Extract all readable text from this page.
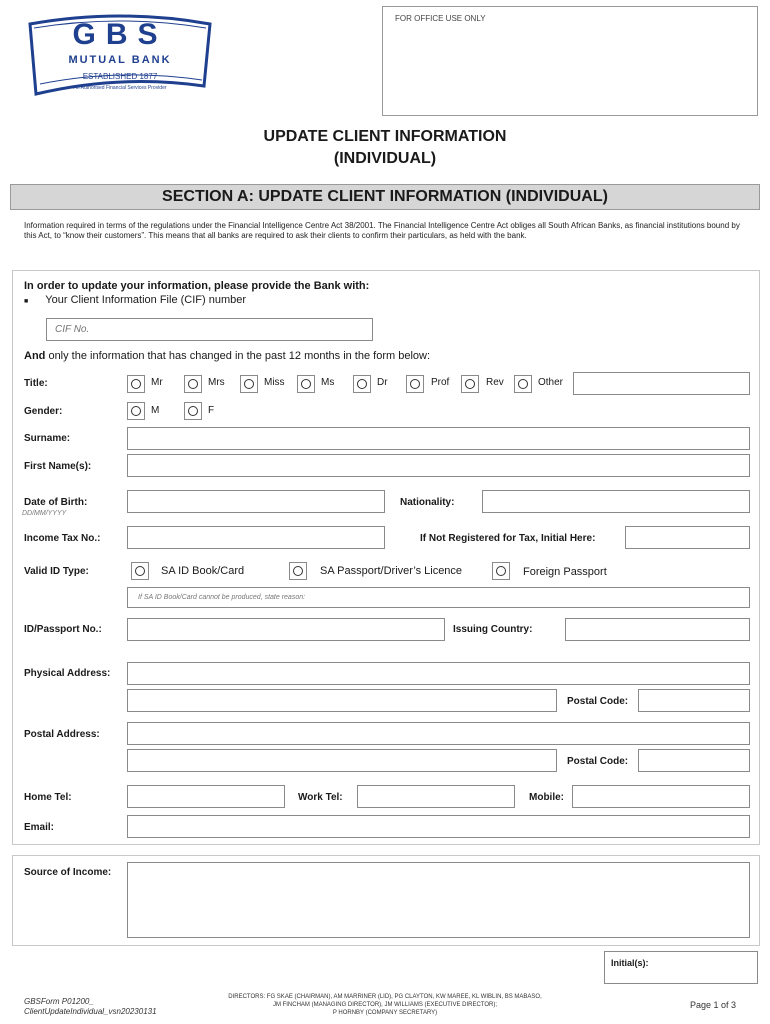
FOR OFFICE USE ONLY
GBS
MUTUAL BANK
ESTABLISHED 1877
An Authorised Financial Services Provider
UPDATE CLIENT INFORMATION
(INDIVIDUAL)
SECTION A: UPDATE CLIENT INFORMATION (INDIVIDUAL)
Information required in terms of the regulations under the Financial Intelligence Centre Act 38/2001. The Financial Intelligence Centre Act obliges all South African Banks, as financial institutions bound by this Act, to “know their customers”. This means that all banks are required to ask their clients to confirm their particulars, as held with the bank.
In order to update your information, please provide the Bank with:
■ Your Client Information File (CIF) number
CIF No.
And only the information that has changed in the past 12 months in the form below:
Title:	Mr	Mrs	Miss	Ms	Dr	Prof	Rev	Other
Gender:	M	F
Surname:
First Name(s):
Date of Birth:
DD/MM/YYYY
Nationality:
Income Tax No.:	If Not Registered for Tax, Initial Here:
Valid ID Type:	SA ID Book/Card	SA Passport/Driver’s Licence	Foreign Passport
If SA ID Book/Card cannot be produced, state reason:
ID/Passport No.:	Issuing Country:
Physical Address:
Postal Code:
Postal Address:
Postal Code:
Home Tel:	Work Tel:	Mobile:
Email:
Source of Income:
Initial(s):
GBSForm P01200_
ClientUpdateIndividual_vsn20230131
DIRECTORS: FG SKAE (CHAIRMAN), AM MARRINER (LID), PG CLAYTON, KW MAREE, KL WIBLIN, BS MABASO,
JM FINCHAM (MANAGING DIRECTOR), JM WILLIAMS (EXECUTIVE DIRECTOR);
P HORNBY (COMPANY SECRETARY)
Page 1 of 3
